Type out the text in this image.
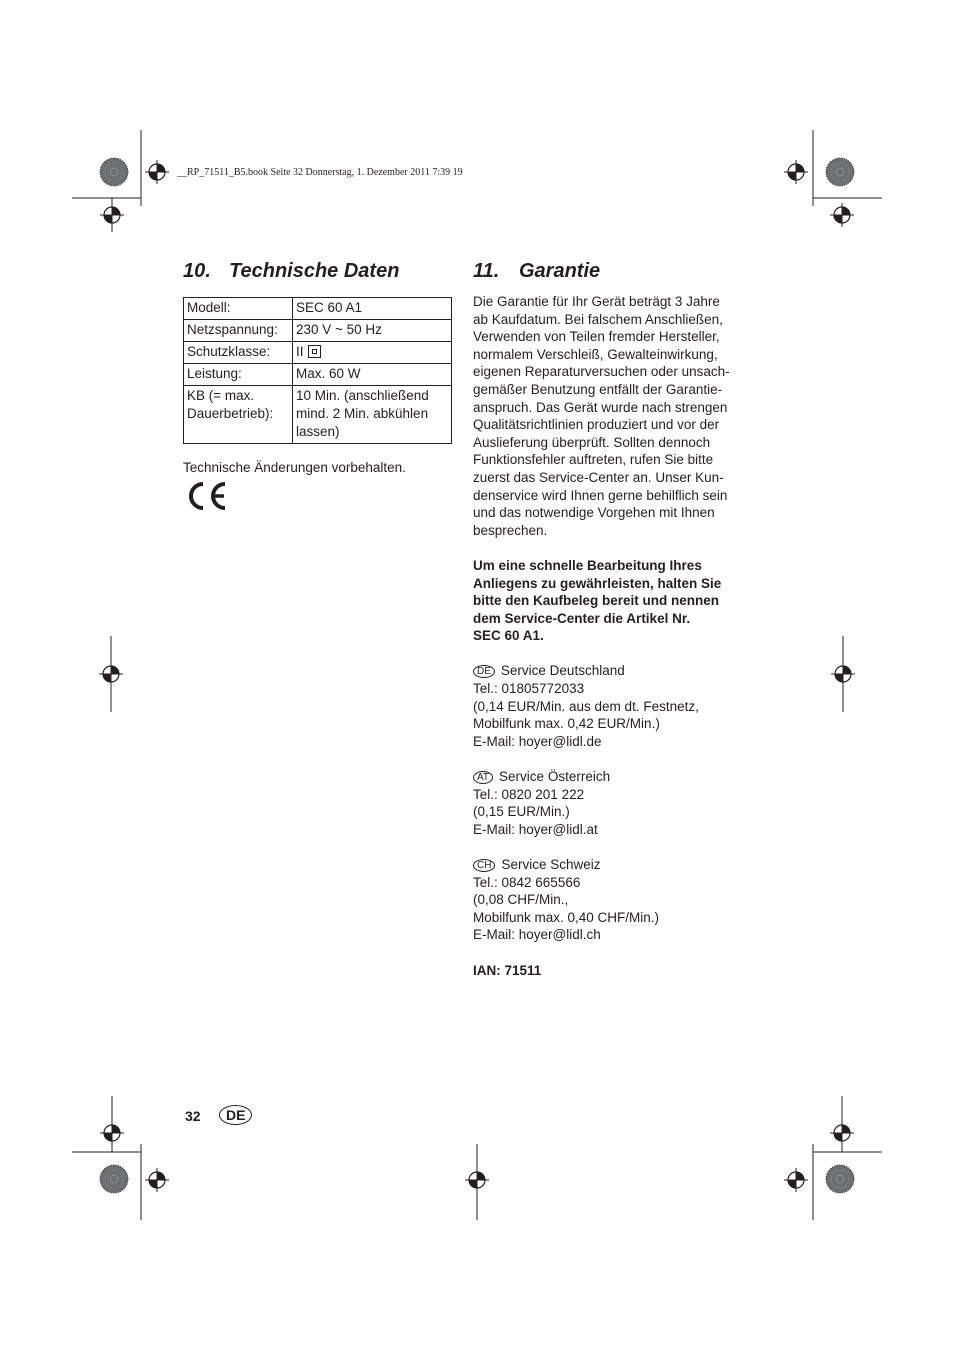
__RP_71511_B5.book Seite 32 Donnerstag, 1. Dezember 2011 7:39 19
10. Technische Daten
Modell:	SEC 60 A1
Netzspannung:	230 V ~ 50 Hz
Schutzklasse:	II
Leistung:	Max. 60 W

KB (= max.
Dauerbetrieb):	10 Min. (anschließend
mind. 2 Min. abkühlen
lassen)
Technische Änderungen vorbehalten.
11. Garantie

Die Garantie für Ihr Gerät beträgt 3 Jahre
ab Kaufdatum. Bei falschem Anschließen,
Verwenden von Teilen fremder Hersteller,
normalem Verschleiß, Gewalteinwirkung,
eigenen Reparaturversuchen oder unsach-
gemäßer Benutzung entfällt der Garantie-
anspruch. Das Gerät wurde nach strengen
Qualitätsrichtlinien produziert und vor der
Auslieferung überprüft. Sollten dennoch
Funktionsfehler auftreten, rufen Sie bitte
zuerst das Service-Center an. Unser Kun-
denservice wird Ihnen gerne behilflich sein
und das notwendige Vorgehen mit Ihnen
besprechen.

Um eine schnelle Bearbeitung Ihres
Anliegens zu gewährleisten, halten Sie
bitte den Kaufbeleg bereit und nennen
dem Service-Center die Artikel Nr.
SEC 60 A1.

DE Service Deutschland
Tel.: 01805772033
(0,14 EUR/Min. aus dem dt. Festnetz,
Mobilfunk max. 0,42 EUR/Min.)
E-Mail: hoyer@lidl.de

AT Service Österreich
Tel.: 0820 201 222
(0,15 EUR/Min.)
E-Mail: hoyer@lidl.at

CH Service Schweiz
Tel.: 0842 665566
(0,08 CHF/Min.,
Mobilfunk max. 0,40 CHF/Min.)
E-Mail: hoyer@lidl.ch

IAN: 71511

32	DE
